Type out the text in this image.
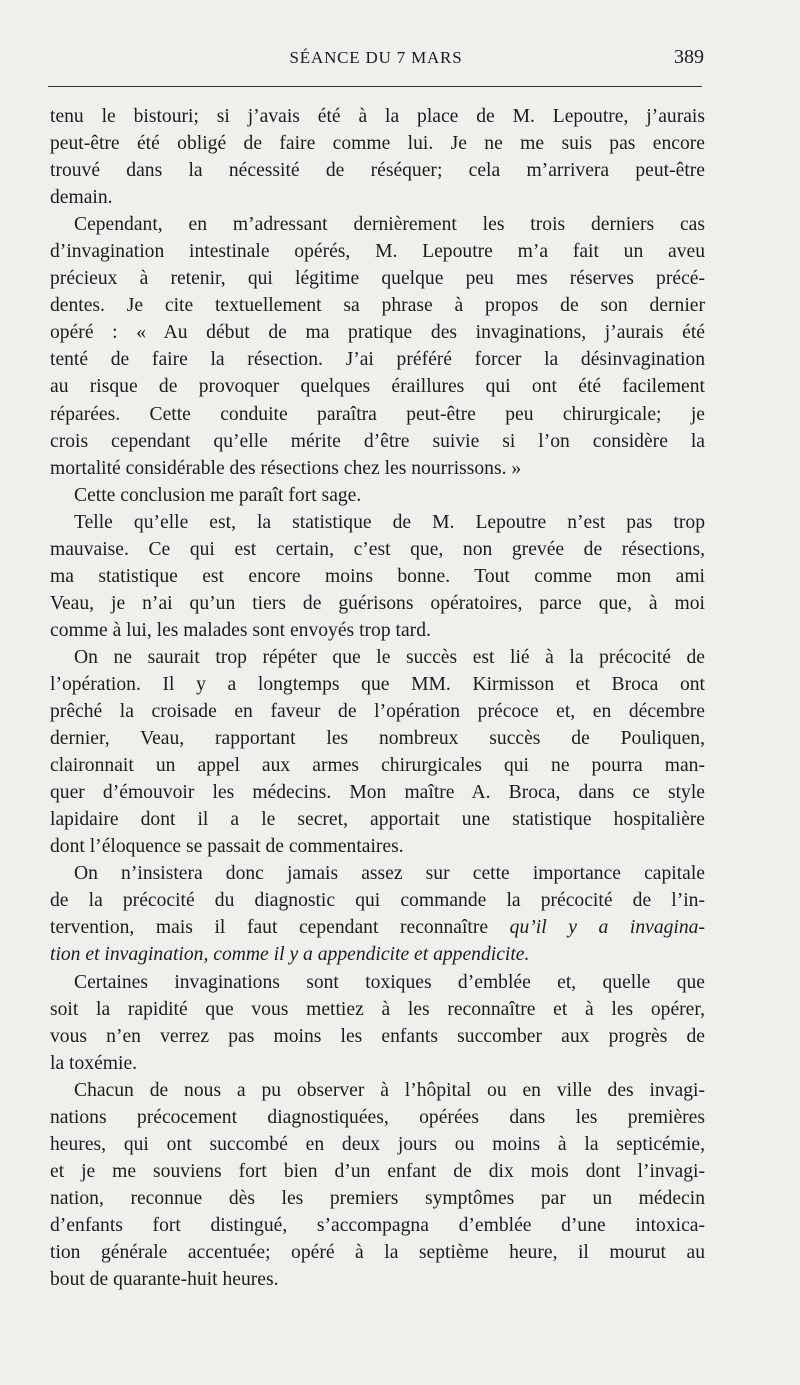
SÉANCE DU 7 MARS	389

tenu le bistouri; si j’avais été à la place de M. Lepoutre, j’aurais
peut-être été obligé de faire comme lui. Je ne me suis pas encore
trouvé dans la nécessité de réséquer; cela m’arrivera peut-être
demain.

Cependant, en m’adressant dernièrement les trois derniers cas
d’invagination intestinale opérés, M. Lepoutre m’a fait un aveu
précieux à retenir, qui légitime quelque peu mes réserves précé-
dentes. Je cite textuellement sa phrase à propos de son dernier
opéré : « Au début de ma pratique des invaginations, j’aurais été
tenté de faire la résection. J’ai préféré forcer la désinvagination
au risque de provoquer quelques éraillures qui ont été facilement
réparées. Cette conduite paraîtra peut-être peu chirurgicale; je
crois cependant qu’elle mérite d’être suivie si l’on considère la
mortalité considérable des résections chez les nourrissons. »

Cette conclusion me paraît fort sage.

Telle qu’elle est, la statistique de M. Lepoutre n’est pas trop
mauvaise. Ce qui est certain, c’est que, non grevée de résections,
ma statistique est encore moins bonne. Tout comme mon ami
Veau, je n’ai qu’un tiers de guérisons opératoires, parce que, à moi
comme à lui, les malades sont envoyés trop tard.

On ne saurait trop répéter que le succès est lié à la précocité de
l’opération. Il y a longtemps que MM. Kirmisson et Broca ont
prêché la croisade en faveur de l’opération précoce et, en décembre
dernier, Veau, rapportant les nombreux succès de Pouliquen,
claironnait un appel aux armes chirurgicales qui ne pourra man-
quer d’émouvoir les médecins. Mon maître A. Broca, dans ce style
lapidaire dont il a le secret, apportait une statistique hospitalière
dont l’éloquence se passait de commentaires.

On n’insistera donc jamais assez sur cette importance capitale
de la précocité du diagnostic qui commande la précocité de l’in-
tervention, mais il faut cependant reconnaître qu’il y a invagina-
tion et invagination, comme il y a appendicite et appendicite.

Certaines invaginations sont toxiques d’emblée et, quelle que
soit la rapidité que vous mettiez à les reconnaître et à les opérer,
vous n’en verrez pas moins les enfants succomber aux progrès de
la toxémie.

Chacun de nous a pu observer à l’hôpital ou en ville des invagi-
nations précocement diagnostiquées, opérées dans les premières
heures, qui ont succombé en deux jours ou moins à la septicémie,
et je me souviens fort bien d’un enfant de dix mois dont l’invagi-
nation, reconnue dès les premiers symptômes par un médecin
d’enfants fort distingué, s’accompagna d’emblée d’une intoxica-
tion générale accentuée; opéré à la septième heure, il mourut au
bout de quarante-huit heures.
